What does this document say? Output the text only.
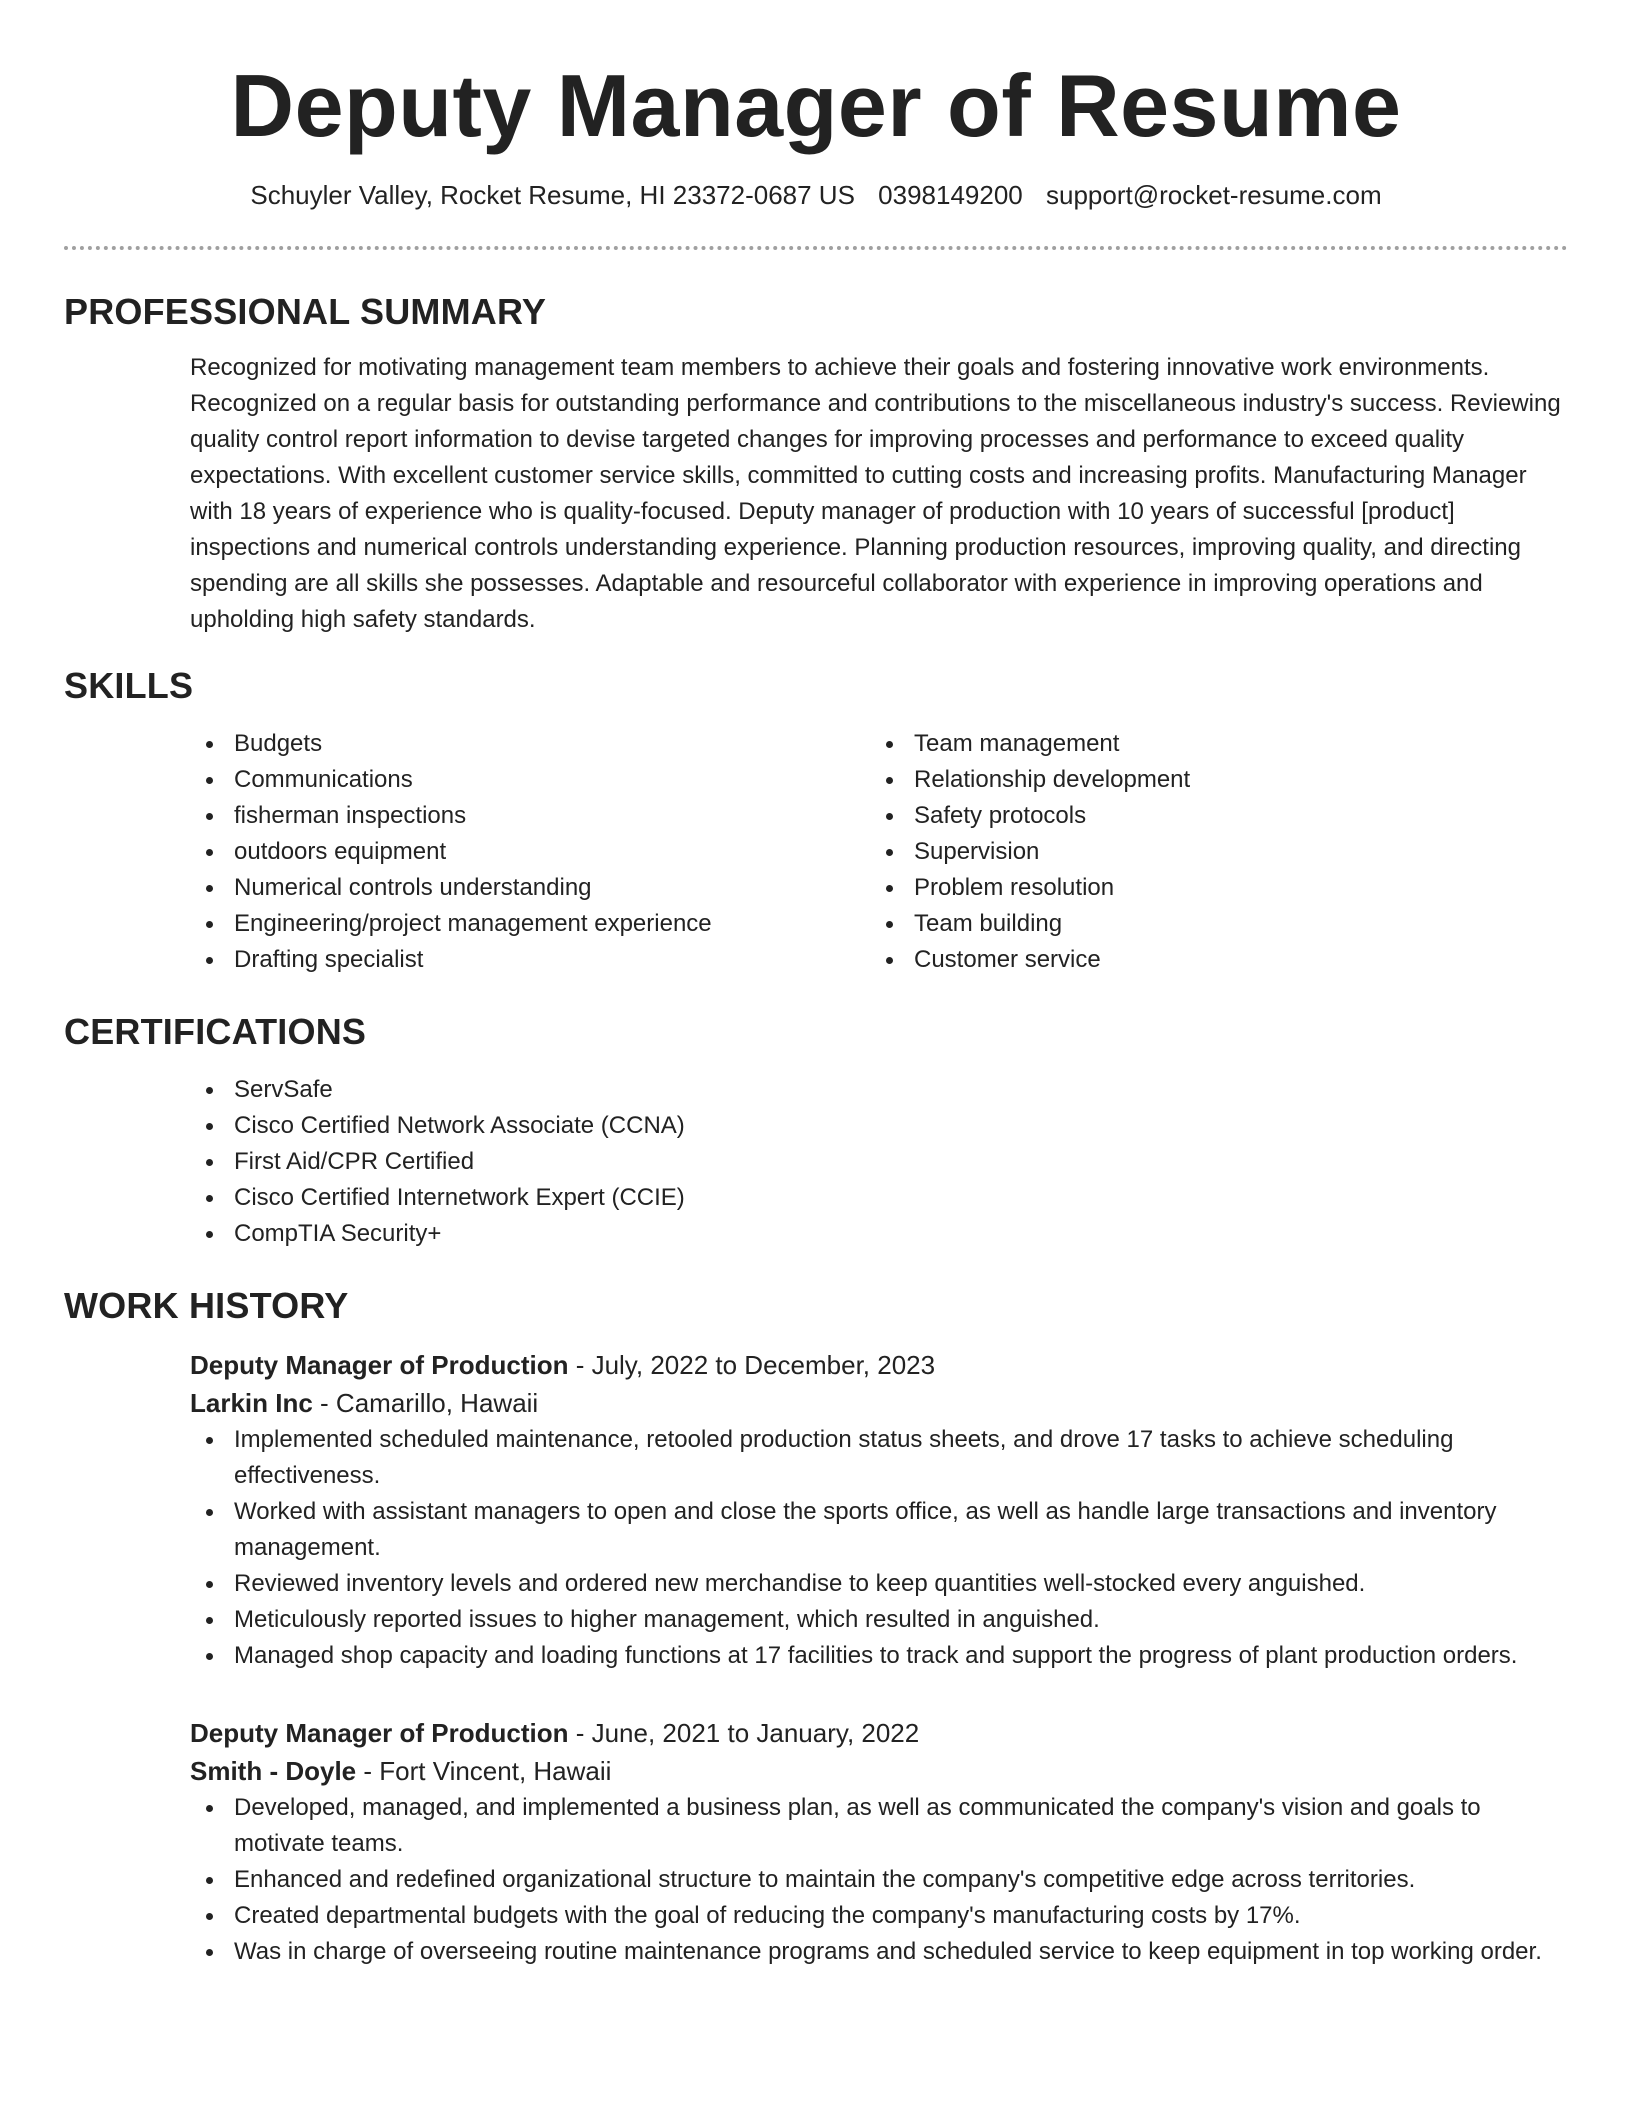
Deputy Manager of Resume
Schuyler Valley, Rocket Resume, HI 23372-0687 US 0398149200 support@rocket-resume.com
PROFESSIONAL SUMMARY
Recognized for motivating management team members to achieve their goals and fostering innovative work environments. Recognized on a regular basis for outstanding performance and contributions to the miscellaneous industry's success. Reviewing quality control report information to devise targeted changes for improving processes and performance to exceed quality expectations. With excellent customer service skills, committed to cutting costs and increasing profits. Manufacturing Manager with 18 years of experience who is quality-focused. Deputy manager of production with 10 years of successful [product] inspections and numerical controls understanding experience. Planning production resources, improving quality, and directing spending are all skills she possesses. Adaptable and resourceful collaborator with experience in improving operations and upholding high safety standards.
SKILLS
Budgets
Communications
fisherman inspections
outdoors equipment
Numerical controls understanding
Engineering/project management experience
Drafting specialist
Team management
Relationship development
Safety protocols
Supervision
Problem resolution
Team building
Customer service
CERTIFICATIONS
ServSafe
Cisco Certified Network Associate (CCNA)
First Aid/CPR Certified
Cisco Certified Internetwork Expert (CCIE)
CompTIA Security+
WORK HISTORY
Deputy Manager of Production - July, 2022 to December, 2023
Larkin Inc - Camarillo, Hawaii
Implemented scheduled maintenance, retooled production status sheets, and drove 17 tasks to achieve scheduling effectiveness.
Worked with assistant managers to open and close the sports office, as well as handle large transactions and inventory management.
Reviewed inventory levels and ordered new merchandise to keep quantities well-stocked every anguished.
Meticulously reported issues to higher management, which resulted in anguished.
Managed shop capacity and loading functions at 17 facilities to track and support the progress of plant production orders.
Deputy Manager of Production - June, 2021 to January, 2022
Smith - Doyle - Fort Vincent, Hawaii
Developed, managed, and implemented a business plan, as well as communicated the company's vision and goals to motivate teams.
Enhanced and redefined organizational structure to maintain the company's competitive edge across territories.
Created departmental budgets with the goal of reducing the company's manufacturing costs by 17%.
Was in charge of overseeing routine maintenance programs and scheduled service to keep equipment in top working order.
